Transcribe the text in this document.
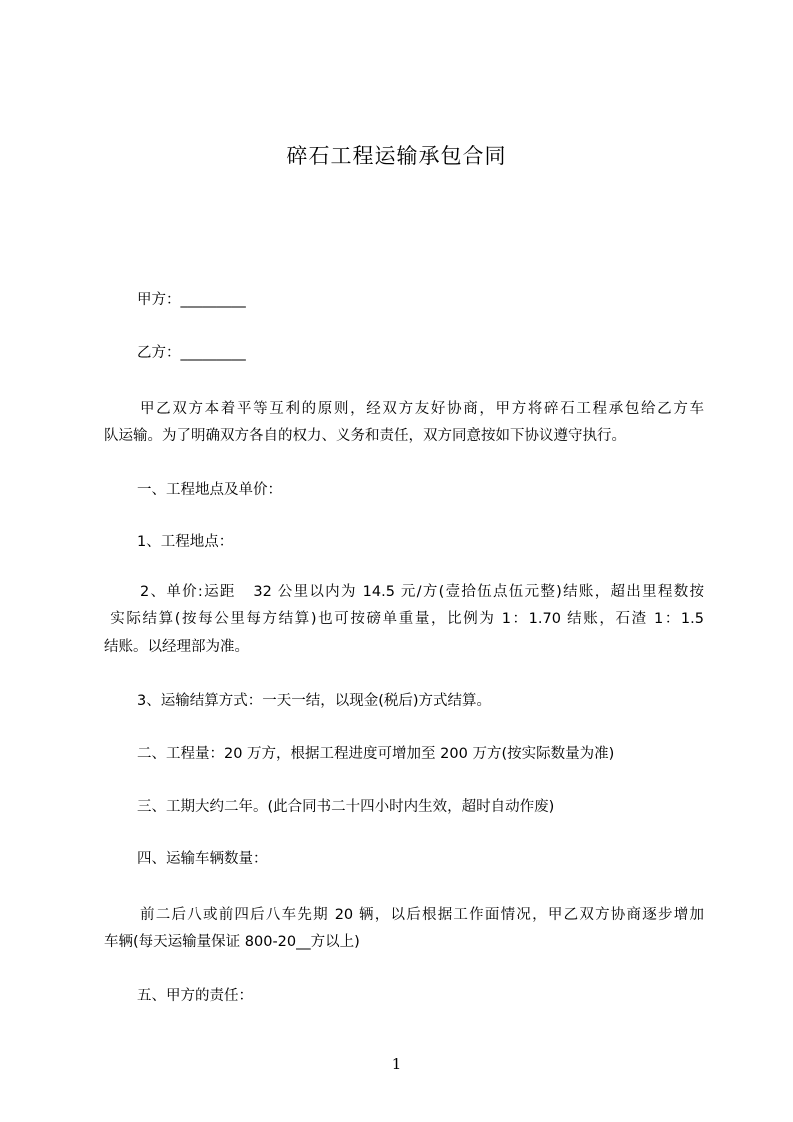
碎石工程运输承包合同
甲方：_________
乙方：_________
甲乙双方本着平等互利的原则，经双方友好协商，甲方将碎石工程承包给乙方车
队运输。为了明确双方各自的权力、义务和责任，双方同意按如下协议遵守执行。
一、工程地点及单价：
1、工程地点：
2、单价:运距   32 公里以内为 14.5 元/方(壹拾伍点伍元整)结账，超出里程数按
实际结算(按每公里每方结算)也可按磅单重量，比例为 1：1.70 结账，石渣 1：1.5
结账。以经理部为准。
3、运输结算方式：一天一结，以现金(税后)方式结算。
二、工程量：20 万方，根据工程进度可增加至 200 万方(按实际数量为准)
三、工期大约二年。(此合同书二十四小时内生效，超时自动作废)
四、运输车辆数量：
前二后八或前四后八车先期 20 辆，以后根据工作面情况，甲乙双方协商逐步增加
车辆(每天运输量保证 800-20__方以上)
五、甲方的责任：
1
